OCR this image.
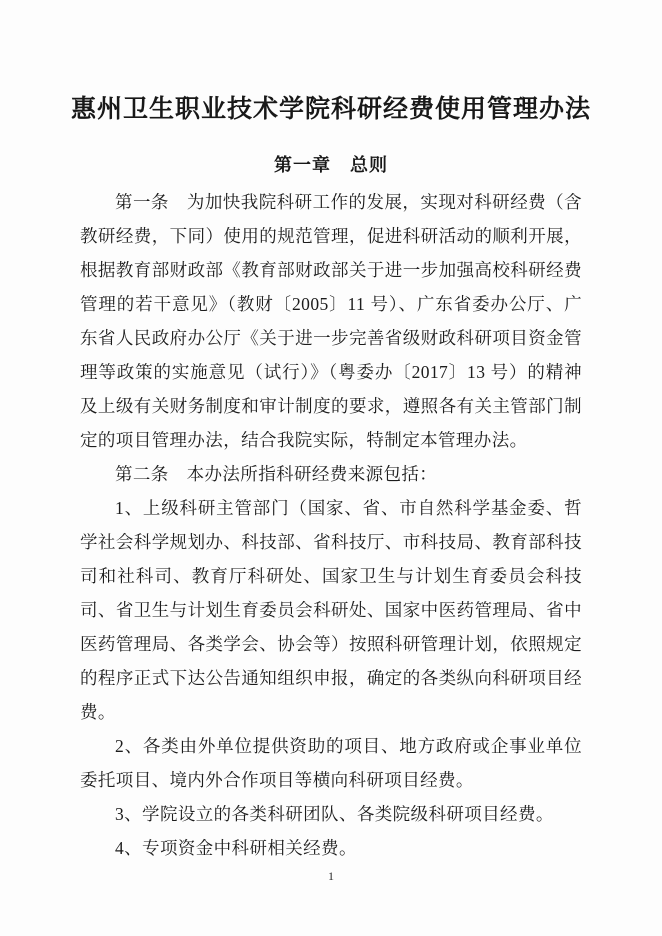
惠州卫生职业技术学院科研经费使用管理办法
第一章　总则

第一条　为加快我院科研工作的发展，实现对科研经费（含教研经费，下同）使用的规范管理，促进科研活动的顺利开展，根据教育部财政部《教育部财政部关于进一步加强高校科研经费管理的若干意见》（教财〔2005〕11 号）、广东省委办公厅、广东省人民政府办公厅《关于进一步完善省级财政科研项目资金管理等政策的实施意见（试行）》（粤委办〔2017〕13 号）的精神及上级有关财务制度和审计制度的要求，遵照各有关主管部门制定的项目管理办法，结合我院实际，特制定本管理办法。

第二条　本办法所指科研经费来源包括：

1、上级科研主管部门（国家、省、市自然科学基金委、哲学社会科学规划办、科技部、省科技厅、市科技局、教育部科技司和社科司、教育厅科研处、国家卫生与计划生育委员会科技司、省卫生与计划生育委员会科研处、国家中医药管理局、省中医药管理局、各类学会、协会等）按照科研管理计划，依照规定的程序正式下达公告通知组织申报，确定的各类纵向科研项目经费。

2、各类由外单位提供资助的项目、地方政府或企事业单位委托项目、境内外合作项目等横向科研项目经费。

3、学院设立的各类科研团队、各类院级科研项目经费。

4、专项资金中科研相关经费。

1
